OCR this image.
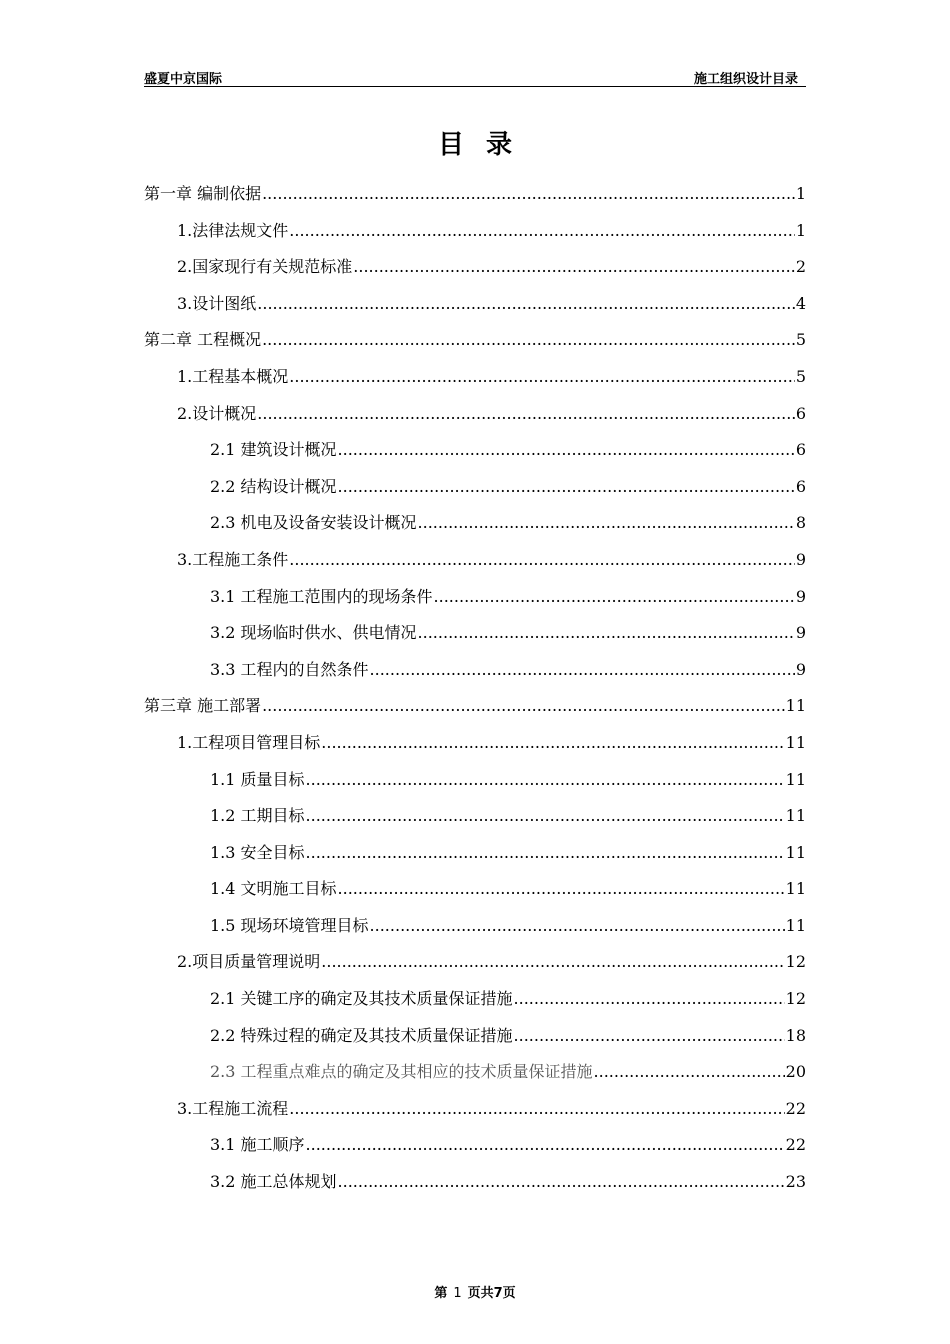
盛夏中京国际	施工组织设计目录
目录
第一章 编制依据 .....	1
1.法律法规文件 .....	1
2.国家现行有关规范标准 .....	2
3.设计图纸 .....	4
第二章 工程概况 .....	5
1.工程基本概况 .....	5
2.设计概况 .....	6
2.1 建筑设计概况 .....	6
2.2 结构设计概况 .....	6
2.3 机电及设备安装设计概况 .....	8
3.工程施工条件 .....	9
3.1 工程施工范围内的现场条件 .....	9
3.2 现场临时供水、供电情况 .....	9
3.3 工程内的自然条件 .....	9
第三章 施工部署 .....	11
1.工程项目管理目标 .....	11
1.1 质量目标 .....	11
1.2 工期目标 .....	11
1.3 安全目标 .....	11
1.4 文明施工目标 .....	11
1.5 现场环境管理目标 .....	11
2.项目质量管理说明 .....	12
2.1 关键工序的确定及其技术质量保证措施 .....	12
2.2 特殊过程的确定及其技术质量保证措施 .....	18
2.3 工程重点难点的确定及其相应的技术质量保证措施 .....	20
3.工程施工流程 .....	22
3.1 施工顺序 .....	22
3.2 施工总体规划 .....	23
第 1 页共7页
